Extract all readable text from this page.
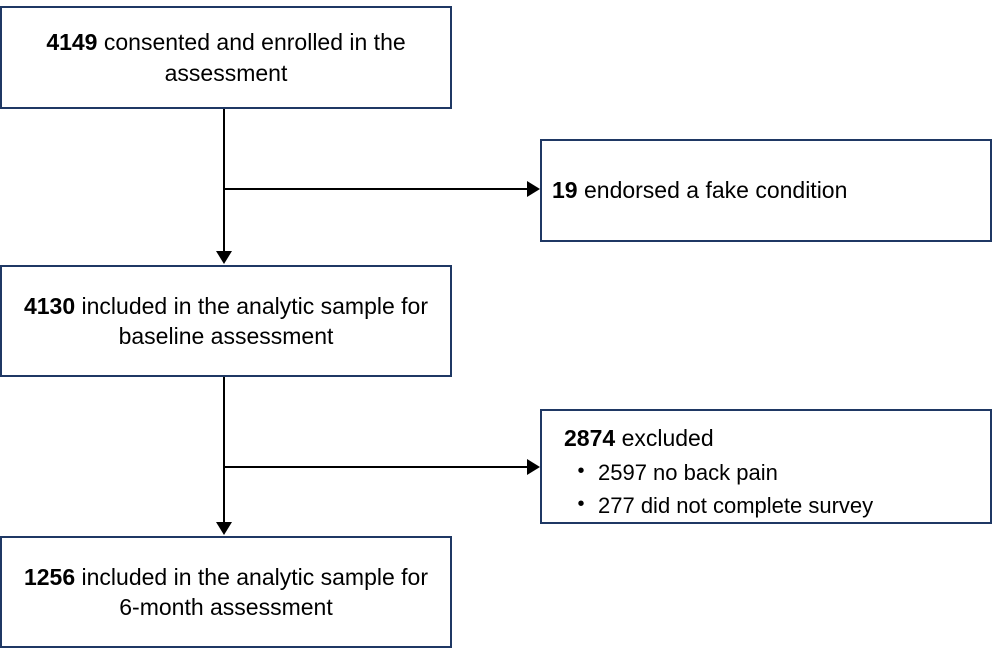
4149 consented and enrolled in the assessment
19 endorsed a fake condition
4130 included in the analytic sample for baseline assessment
2874 excluded
• 2597 no back pain
• 277 did not complete survey
1256 included in the analytic sample for 6-month assessment
